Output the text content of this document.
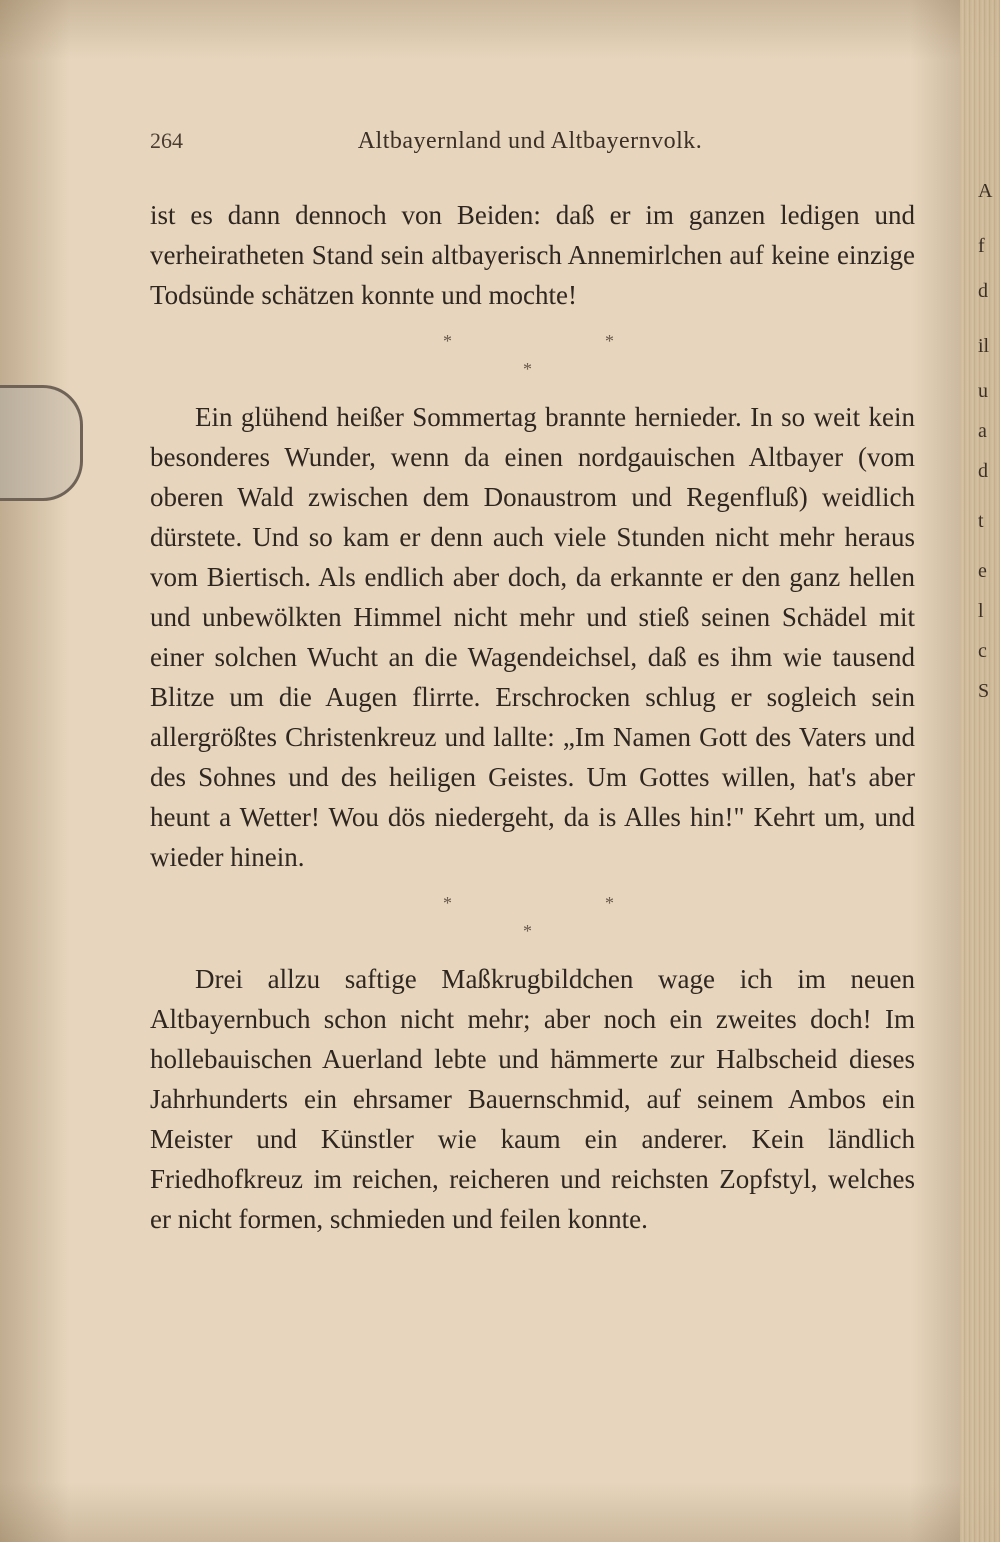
264	Altbayernland und Altbayernvolk.

ist es dann dennoch von Beiden: daß er im ganzen ledigen und verheiratheten Stand sein altbayerisch Annemirlchen auf keine einzige Todsünde schätzen konnte und mochte!

*	*
*

Ein glühend heißer Sommertag brannte hernieder. In so weit kein besonderes Wunder, wenn da einen nordgauischen Altbayer (vom oberen Wald zwischen dem Donaustrom und Regenfluß) weidlich dürstete. Und so kam er denn auch viele Stunden nicht mehr heraus vom Biertisch. Als endlich aber doch, da erkannte er den ganz hellen und unbewölkten Himmel nicht mehr und stieß seinen Schädel mit einer solchen Wucht an die Wagendeichsel, daß es ihm wie tausend Blitze um die Augen flirrte. Erschrocken schlug er sogleich sein allergrößtes Christenkreuz und lallte: „Im Namen Gott des Vaters und des Sohnes und des heiligen Geistes. Um Gottes willen, hat's aber heunt a Wetter! Wou dös niedergeht, da is Alles hin!" Kehrt um, und wieder hinein.

*	*
*

Drei allzu saftige Maßkrugbildchen wage ich im neuen Altbayernbuch schon nicht mehr; aber noch ein zweites doch! Im hollebauischen Auerland lebte und hämmerte zur Halbscheid dieses Jahrhunderts ein ehrsamer Bauernschmid, auf seinem Ambos ein Meister und Künstler wie kaum ein anderer. Kein ländlich Friedhofkreuz im reichen, reicheren und reichsten Zopfstyl, welches er nicht formen, schmieden und feilen konnte.

A
f
d
il
u
a
d
t
e
l
c
S
